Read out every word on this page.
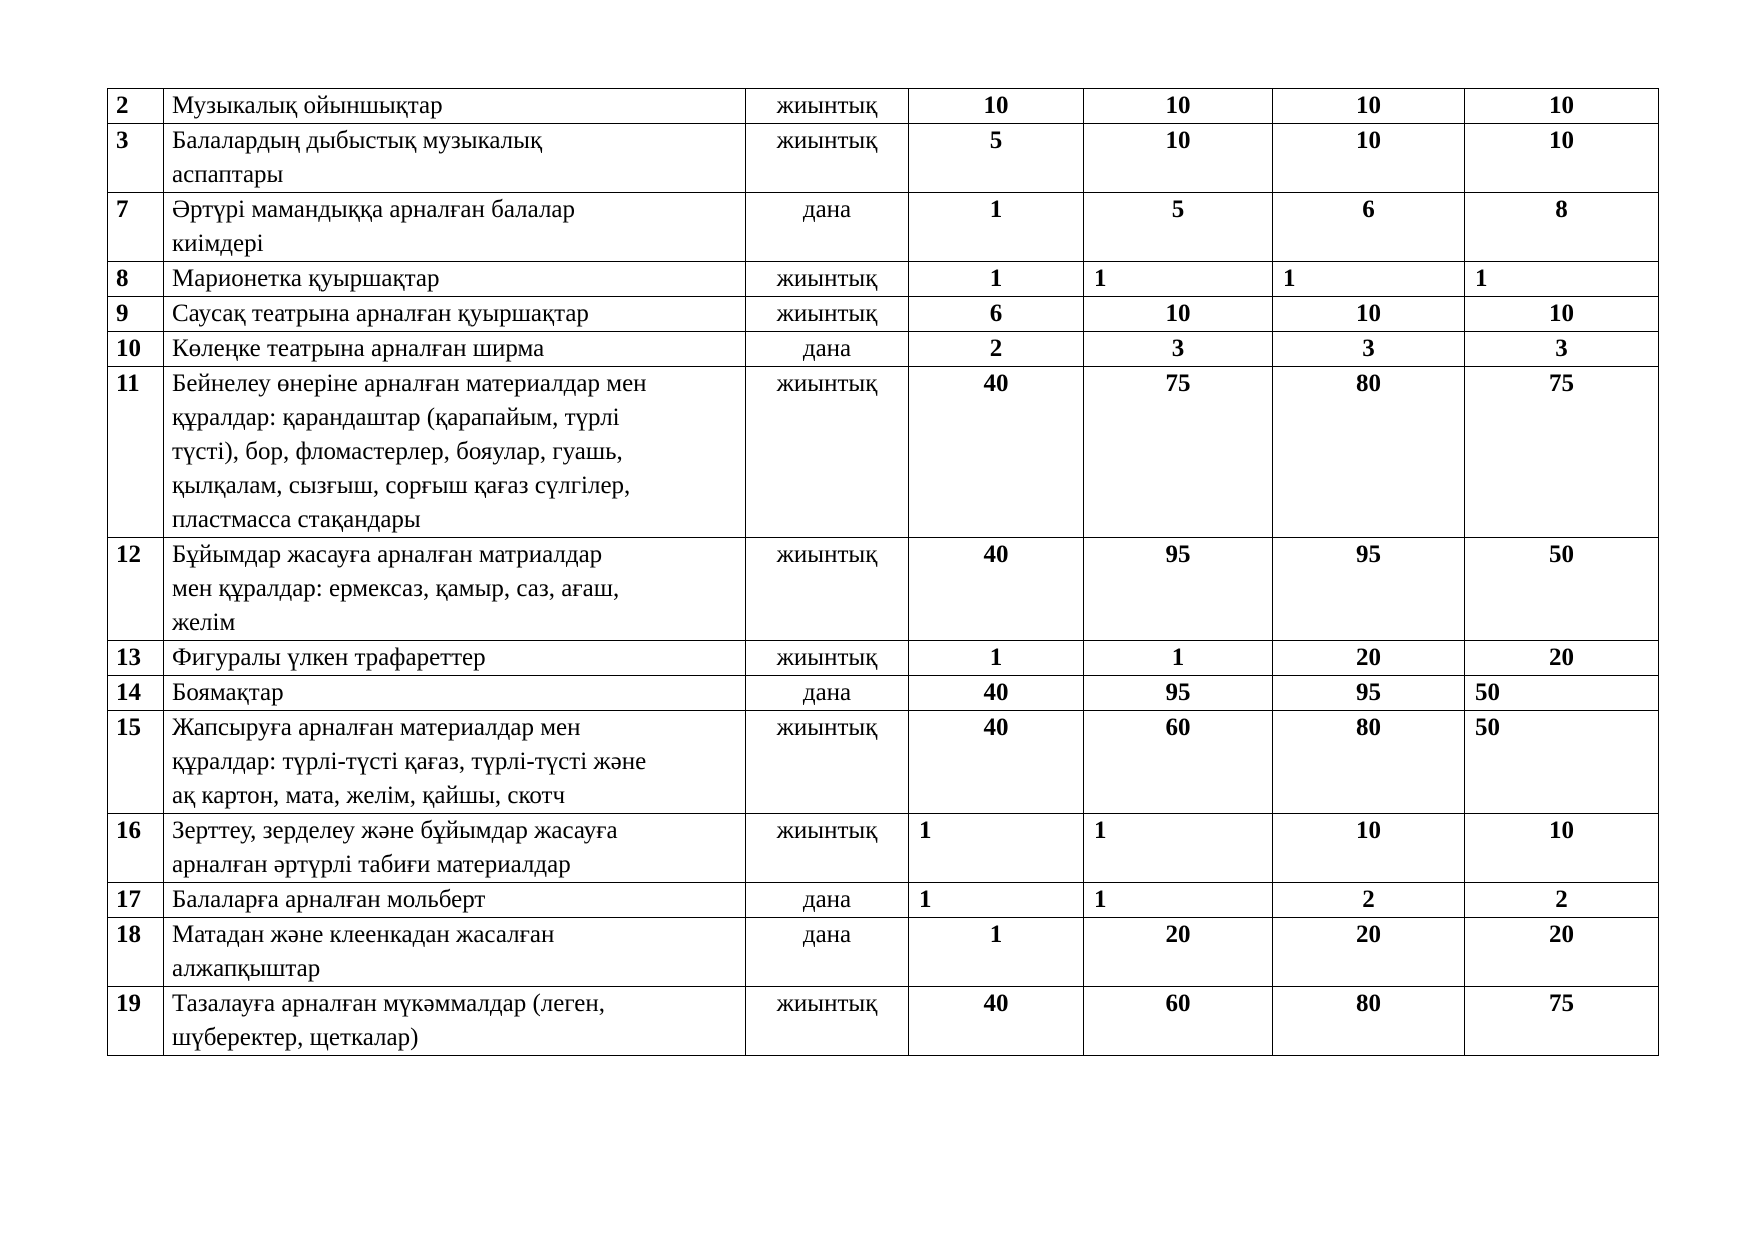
2	Музыкалық ойыншықтар	жиынтық	10	10	10	10
3	Балалардың дыбыстық музыкалық
аспаптары	жиынтық	5	10	10	10
7	Әртүрі мамандыққа арналған балалар
киімдері	дана	1	5	6	8
8	Марионетка қуыршақтар	жиынтық	1	1	1	1
9	Саусақ театрына арналған қуыршақтар	жиынтық	6	10	10	10
10	Көлеңке театрына арналған ширма	дана	2	3	3	3
11	Бейнелеу өнеріне арналған материалдар мен
құралдар: қарандаштар (қарапайым, түрлі
түсті), бор, фломастерлер, бояулар, гуашь,
қылқалам, сызғыш, сорғыш қағаз сүлгілер,
пластмасса стақандары	жиынтық	40	75	80	75
12	Бұйымдар жасауға арналған матриалдар
мен құралдар: ермексаз, қамыр, саз, ағаш,
желім	жиынтық	40	95	95	50
13	Фигуралы үлкен трафареттер	жиынтық	1	1	20	20
14	Боямақтар	дана	40	95	95	50
15	Жапсыруға арналған материалдар мен
құралдар: түрлі-түсті қағаз, түрлі-түсті және
ақ картон, мата, желім, қайшы, скотч	жиынтық	40	60	80	50
16	Зерттеу, зерделеу және бұйымдар жасауға
арналған әртүрлі табиғи материалдар	жиынтық	1	1	10	10
17	Балаларға арналған мольберт	дана	1	1	2	2
18	Матадан және клеенкадан жасалған
алжапқыштар	дана	1	20	20	20
19	Тазалауға арналған мүкәммалдар (леген,
шүберектер, щеткалар)	жиынтық	40	60	80	75
